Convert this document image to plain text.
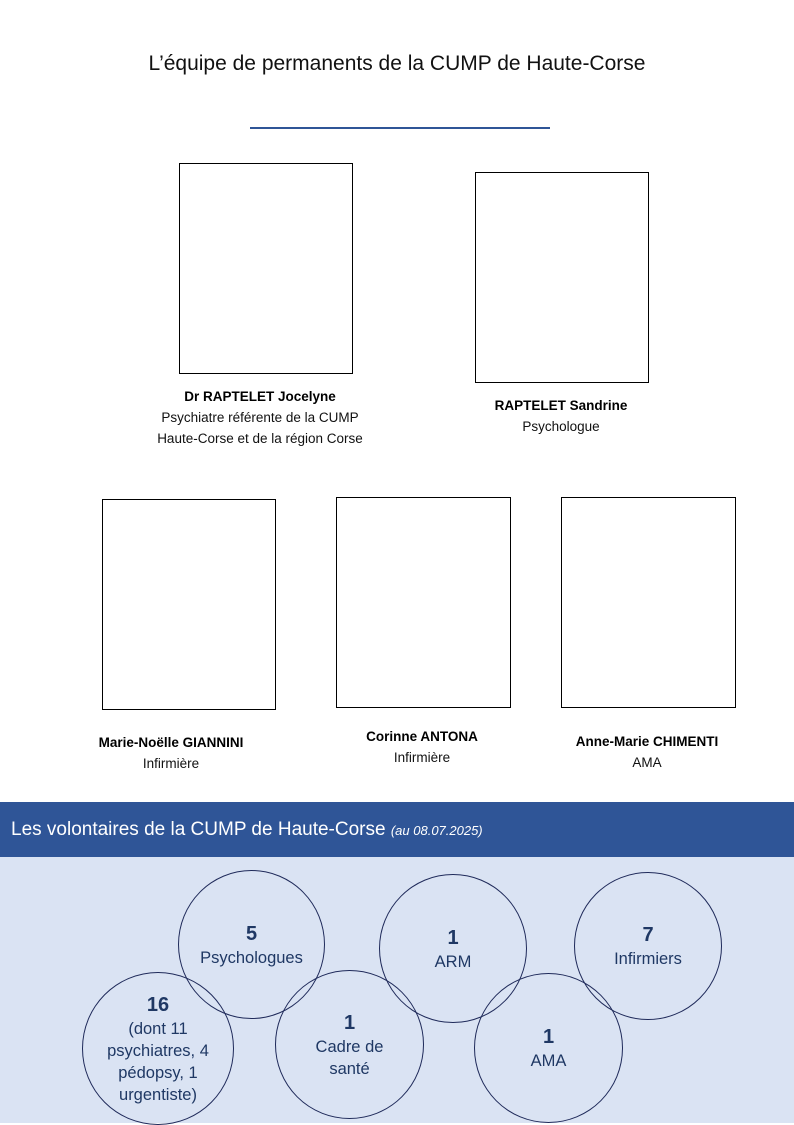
L’équipe de permanents de la CUMP de Haute-Corse
Dr RAPTELET Jocelyne
Psychiatre référente de la CUMP
Haute-Corse et de la région Corse
RAPTELET Sandrine
Psychologue
Marie-Noëlle GIANNINI
Infirmière
Corinne ANTONA
Infirmière
Anne-Marie CHIMENTI
AMA
Les volontaires de la CUMP de Haute-Corse (au 08.07.2025)
5
Psychologues
1
ARM
7
Infirmiers
16
(dont 11
psychiatres, 4
pédopsy, 1
urgentiste)
1
Cadre de
santé
1
AMA
